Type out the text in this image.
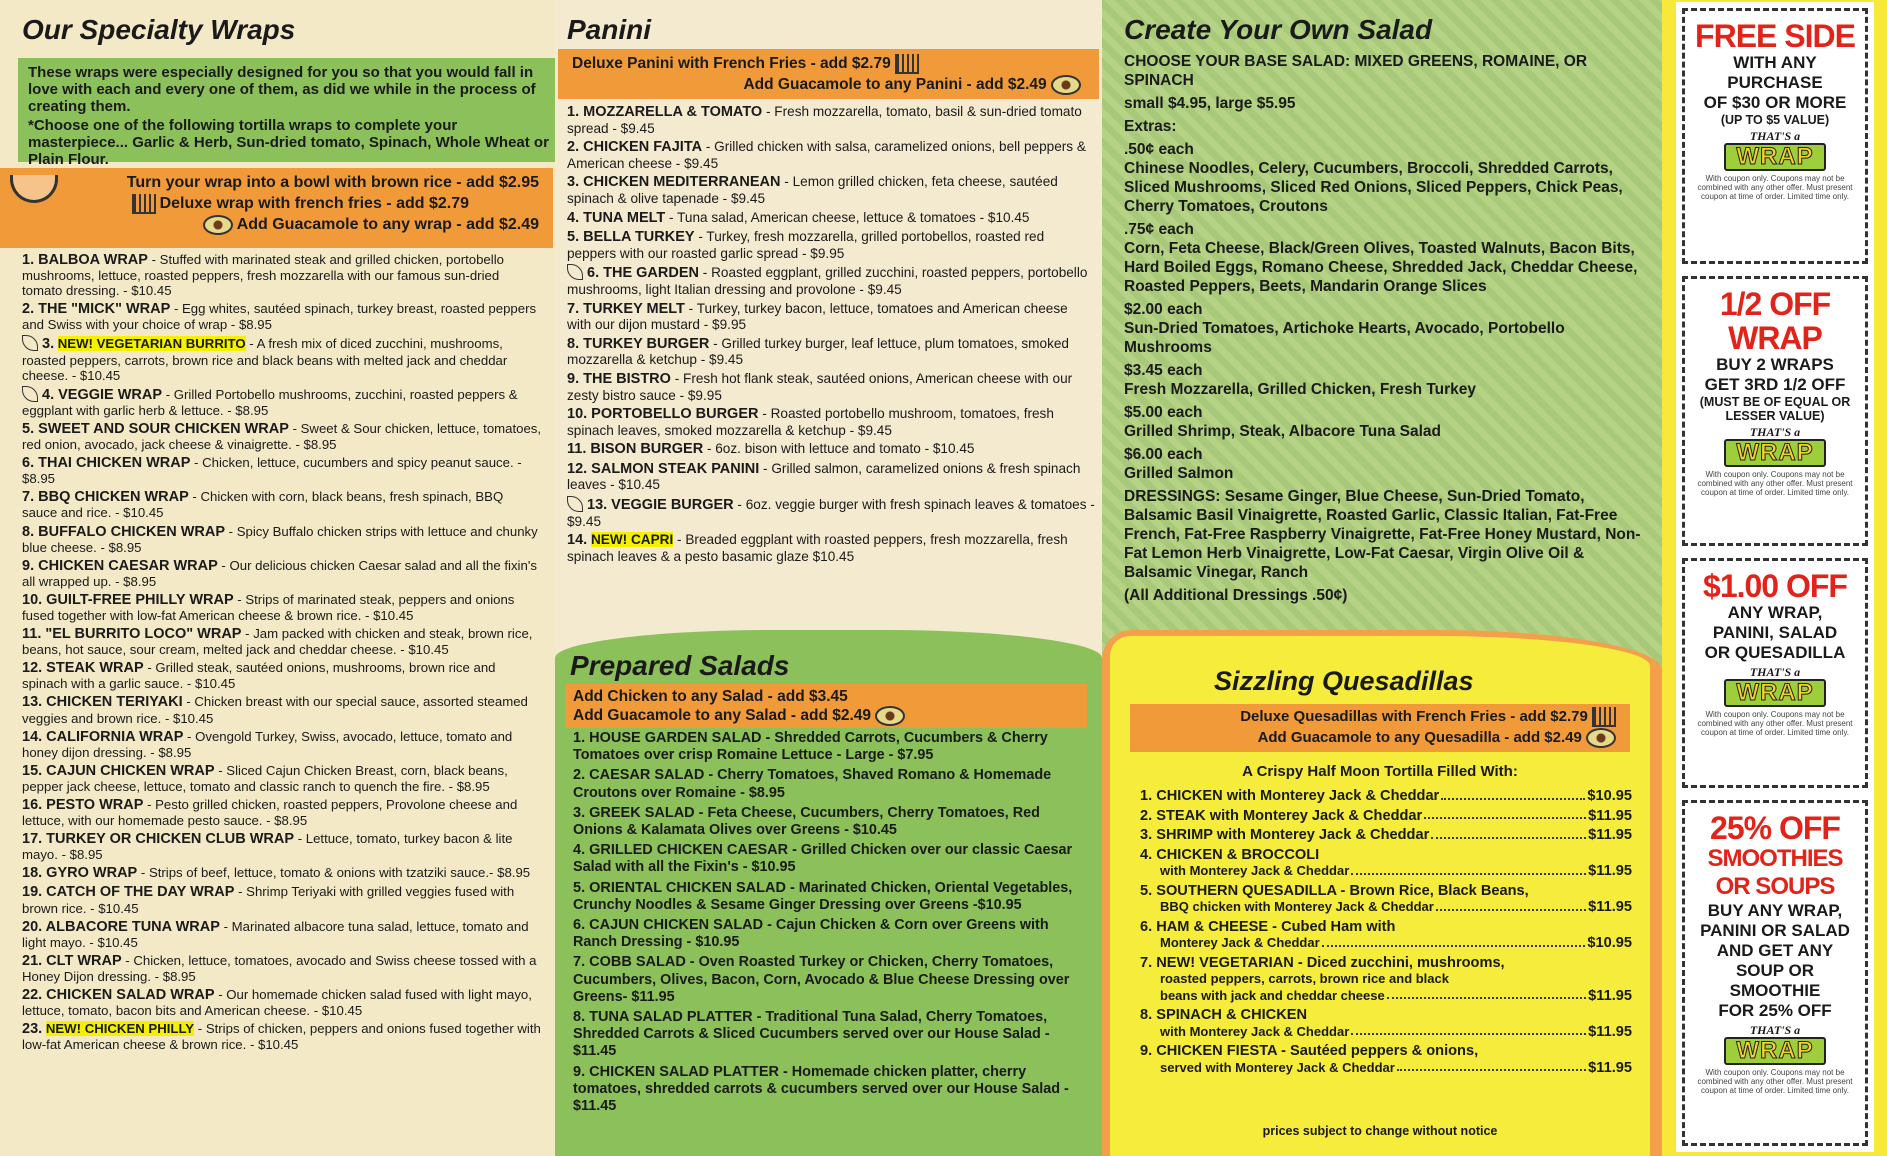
Our Specialty Wraps
These wraps were especially designed for you so that you would fall in love with each and every one of them, as did we while in the process of creating them.
*Choose one of the following tortilla wraps to complete your masterpiece... Garlic & Herb, Sun-dried tomato, Spinach, Whole Wheat or Plain Flour.
Turn your wrap into a bowl with brown rice - add $2.95
Deluxe wrap with french fries - add $2.79
Add Guacamole to any wrap - add $2.49
1. BALBOA WRAP - Stuffed with marinated steak and grilled chicken, portobello mushrooms, lettuce, roasted peppers, fresh mozzarella with our famous sun-dried tomato dressing. - $10.45
2. THE "MICK" WRAP - Egg whites, sautéed spinach, turkey breast, roasted peppers and Swiss with your choice of wrap - $8.95
3. NEW! VEGETARIAN BURRITO - A fresh mix of diced zucchini, mushrooms, roasted peppers, carrots, brown rice and black beans with melted jack and cheddar cheese. - $10.45
4. VEGGIE WRAP - Grilled Portobello mushrooms, zucchini, roasted peppers & eggplant with garlic herb & lettuce. - $8.95
5. SWEET AND SOUR CHICKEN WRAP - Sweet & Sour chicken, lettuce, tomatoes, red onion, avocado, jack cheese & vinaigrette. - $8.95
6. THAI CHICKEN WRAP - Chicken, lettuce, cucumbers and spicy peanut sauce. - $8.95
7. BBQ CHICKEN WRAP - Chicken with corn, black beans, fresh spinach, BBQ sauce and rice. - $10.45
8. BUFFALO CHICKEN WRAP - Spicy Buffalo chicken strips with lettuce and chunky blue cheese. - $8.95
9. CHICKEN CAESAR WRAP - Our delicious chicken Caesar salad and all the fixin's all wrapped up. - $8.95
10. GUILT-FREE PHILLY WRAP - Strips of marinated steak, peppers and onions fused together with low-fat American cheese & brown rice. - $10.45
11. "EL BURRITO LOCO" WRAP - Jam packed with chicken and steak, brown rice, beans, hot sauce, sour cream, melted jack and cheddar cheese. - $10.45
12. STEAK WRAP - Grilled steak, sautéed onions, mushrooms, brown rice and spinach with a garlic sauce. - $10.45
13. CHICKEN TERIYAKI - Chicken breast with our special sauce, assorted steamed veggies and brown rice. - $10.45
14. CALIFORNIA WRAP - Ovengold Turkey, Swiss, avocado, lettuce, tomato and honey dijon dressing. - $8.95
15. CAJUN CHICKEN WRAP - Sliced Cajun Chicken Breast, corn, black beans, pepper jack cheese, lettuce, tomato and classic ranch to quench the fire. - $8.95
16. PESTO WRAP - Pesto grilled chicken, roasted peppers, Provolone cheese and lettuce, with our homemade pesto sauce. - $8.95
17. TURKEY OR CHICKEN CLUB WRAP - Lettuce, tomato, turkey bacon & lite mayo. - $8.95
18. GYRO WRAP - Strips of beef, lettuce, tomato & onions with tzatziki sauce.- $8.95
19. CATCH OF THE DAY WRAP - Shrimp Teriyaki with grilled veggies fused with brown rice. - $10.45
20. ALBACORE TUNA WRAP - Marinated albacore tuna salad, lettuce, tomato and light mayo. - $10.45
21. CLT WRAP - Chicken, lettuce, tomatoes, avocado and Swiss cheese tossed with a Honey Dijon dressing. - $8.95
22. CHICKEN SALAD WRAP - Our homemade chicken salad fused with light mayo, lettuce, tomato, bacon bits and American cheese. - $10.45
23. NEW! CHICKEN PHILLY - Strips of chicken, peppers and onions fused together with low-fat American cheese & brown rice. - $10.45
Panini
Deluxe Panini with French Fries - add $2.79
Add Guacamole to any Panini - add $2.49
1. MOZZARELLA & TOMATO - Fresh mozzarella, tomato, basil & sun-dried tomato spread - $9.45
2. CHICKEN FAJITA - Grilled chicken with salsa, caramelized onions, bell peppers & American cheese - $9.45
3. CHICKEN MEDITERRANEAN - Lemon grilled chicken, feta cheese, sautéed spinach & olive tapenade - $9.45
4. TUNA MELT - Tuna salad, American cheese, lettuce & tomatoes - $10.45
5. BELLA TURKEY - Turkey, fresh mozzarella, grilled portobellos, roasted red peppers with our roasted garlic spread - $9.95
6. THE GARDEN - Roasted eggplant, grilled zucchini, roasted peppers, portobello mushrooms, light Italian dressing and provolone - $9.45
7. TURKEY MELT - Turkey, turkey bacon, lettuce, tomatoes and American cheese with our dijon mustard - $9.95
8. TURKEY BURGER - Grilled turkey burger, leaf lettuce, plum tomatoes, smoked mozzarella & ketchup - $9.45
9. THE BISTRO - Fresh hot flank steak, sautéed onions, American cheese with our zesty bistro sauce - $9.95
10. PORTOBELLO BURGER - Roasted portobello mushroom, tomatoes, fresh spinach leaves, smoked mozzarella & ketchup - $9.45
11. BISON BURGER - 6oz. bison with lettuce and tomato - $10.45
12. SALMON STEAK PANINI - Grilled salmon, caramelized onions & fresh spinach leaves - $10.45
13. VEGGIE BURGER - 6oz. veggie burger with fresh spinach leaves & tomatoes - $9.45
14. NEW! CAPRI - Breaded eggplant with roasted peppers, fresh mozzarella, fresh spinach leaves & a pesto basamic glaze $10.45
Prepared Salads
Add Chicken to any Salad - add $3.45
Add Guacamole to any Salad - add $2.49
1. HOUSE GARDEN SALAD - Shredded Carrots, Cucumbers & Cherry Tomatoes over crisp Romaine Lettuce - Large - $7.95
2. CAESAR SALAD - Cherry Tomatoes, Shaved Romano & Homemade Croutons over Romaine - $8.95
3. GREEK SALAD - Feta Cheese, Cucumbers, Cherry Tomatoes, Red Onions & Kalamata Olives over Greens - $10.45
4. GRILLED CHICKEN CAESAR - Grilled Chicken over our classic Caesar Salad with all the Fixin's - $10.95
5. ORIENTAL CHICKEN SALAD - Marinated Chicken, Oriental Vegetables, Crunchy Noodles & Sesame Ginger Dressing over Greens -$10.95
6. CAJUN CHICKEN SALAD - Cajun Chicken & Corn over Greens with Ranch Dressing - $10.95
7. COBB SALAD - Oven Roasted Turkey or Chicken, Cherry Tomatoes, Cucumbers, Olives, Bacon, Corn, Avocado & Blue Cheese Dressing over Greens- $11.95
8. TUNA SALAD PLATTER - Traditional Tuna Salad, Cherry Tomatoes, Shredded Carrots & Sliced Cucumbers served over our House Salad - $11.45
9. CHICKEN SALAD PLATTER - Homemade chicken platter, cherry tomatoes, shredded carrots & cucumbers served over our House Salad - $11.45
Create Your Own Salad
CHOOSE YOUR BASE SALAD: MIXED GREENS, ROMAINE, OR SPINACH
small $4.95, large $5.95
Extras:
.50¢ each
Chinese Noodles, Celery, Cucumbers, Broccoli, Shredded Carrots, Sliced Mushrooms, Sliced Red Onions, Sliced Peppers, Chick Peas, Cherry Tomatoes, Croutons
.75¢ each
Corn, Feta Cheese, Black/Green Olives, Toasted Walnuts, Bacon Bits, Hard Boiled Eggs, Romano Cheese, Shredded Jack, Cheddar Cheese, Roasted Peppers, Beets, Mandarin Orange Slices
$2.00 each
Sun-Dried Tomatoes, Artichoke Hearts, Avocado, Portobello Mushrooms
$3.45 each
Fresh Mozzarella, Grilled Chicken, Fresh Turkey
$5.00 each
Grilled Shrimp, Steak, Albacore Tuna Salad
$6.00 each
Grilled Salmon
DRESSINGS: Sesame Ginger, Blue Cheese, Sun-Dried Tomato, Balsamic Basil Vinaigrette, Roasted Garlic, Classic Italian, Fat-Free French, Fat-Free Raspberry Vinaigrette, Fat-Free Honey Mustard, Non-Fat Lemon Herb Vinaigrette, Low-Fat Caesar, Virgin Olive Oil & Balsamic Vinegar, Ranch
(All Additional Dressings .50¢)
Sizzling Quesadillas
Deluxe Quesadillas with French Fries - add $2.79
Add Guacamole to any Quesadilla - add $2.49
A Crispy Half Moon Tortilla Filled With:
1. CHICKEN with Monterey Jack & Cheddar	$10.95
2. STEAK with Monterey Jack & Cheddar	$11.95
3. SHRIMP with Monterey Jack & Cheddar	$11.95
4. CHICKEN & BROCCOLI
with Monterey Jack & Cheddar	$11.95
5. SOUTHERN QUESADILLA - Brown Rice, Black Beans,
BBQ chicken with Monterey Jack & Cheddar	$11.95
6. HAM & CHEESE - Cubed Ham with
Monterey Jack & Cheddar	$10.95
7. NEW! VEGETARIAN - Diced zucchini, mushrooms,
roasted peppers, carrots, brown rice and black
beans with jack and cheddar cheese	$11.95
8. SPINACH & CHICKEN
with Monterey Jack & Cheddar	$11.95
9. CHICKEN FIESTA - Sautéed peppers & onions,
served with Monterey Jack & Cheddar	$11.95
prices subject to change without notice
FREE SIDE
WITH ANY
PURCHASE
OF $30 OR MORE
(UP TO $5 VALUE)
THAT'S a
WRAP
With coupon only. Coupons may not be combined with any other offer. Must present coupon at time of order. Limited time only.
1/2 OFF
WRAP
BUY 2 WRAPS
GET 3RD 1/2 OFF
(MUST BE OF EQUAL OR LESSER VALUE)
THAT'S a
WRAP
With coupon only. Coupons may not be combined with any other offer. Must present coupon at time of order. Limited time only.
$1.00 OFF
ANY WRAP,
PANINI, SALAD
OR QUESADILLA
THAT'S a
WRAP
With coupon only. Coupons may not be combined with any other offer. Must present coupon at time of order. Limited time only.
25% OFF
SMOOTHIES
OR SOUPS
BUY ANY WRAP,
PANINI OR SALAD
AND GET ANY
SOUP OR SMOOTHIE
FOR 25% OFF
THAT'S a
WRAP
With coupon only. Coupons may not be combined with any other offer. Must present coupon at time of order. Limited time only.
